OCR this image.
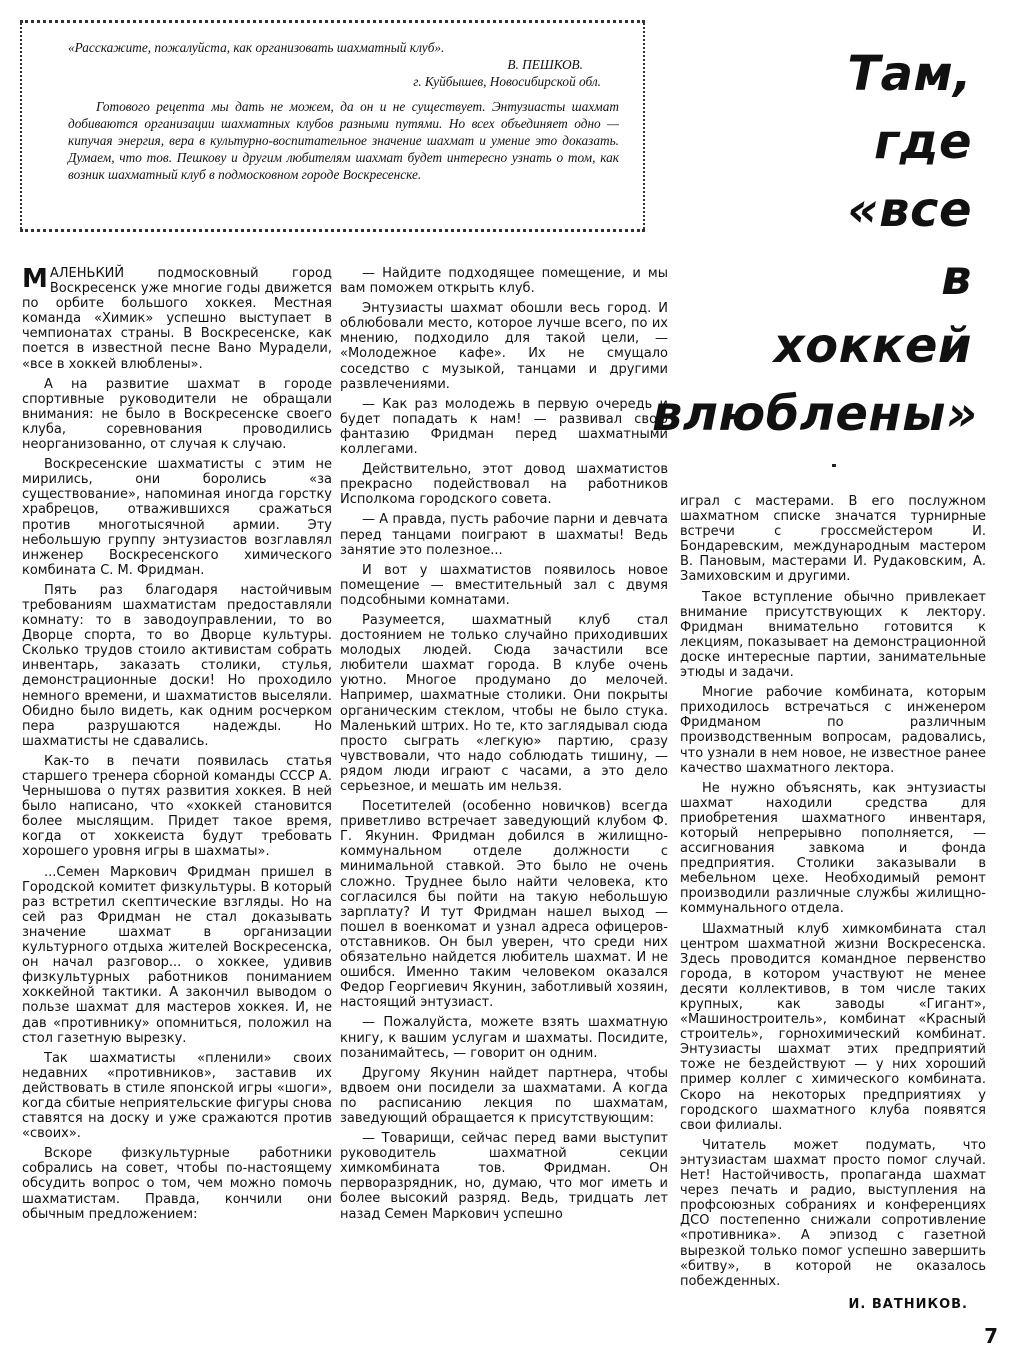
«Расскажите, пожалуйста, как организовать шахматный клуб».

В. ПЕШКОВ.

г. Куйбышев, Новосибирской обл.

Готового рецепта мы дать не можем, да он и не существует. Энтузиасты шахмат добиваются организации шахматных клубов разными путями. Но всех объединяет одно — кипучая энергия, вера в культурно-воспитательное значение шахмат и умение это доказать. Думаем, что тов. Пешкову и другим любителям шахмат будет интересно узнать о том, как возник шахматный клуб в подмосковном городе Воскресенске.

Там,
где
«все
в
хоккей
влюблены»

МАЛЕНЬКИЙ подмосковный город Воскресенск уже многие годы движется по орбите большого хоккея. Местная команда «Химик» успешно выступает в чемпионатах страны. В Воскресенске, как поется в известной песне Вано Мурадели, «все в хоккей влюблены».

А на развитие шахмат в городе спортивные руководители не обращали внимания: не было в Воскресенске своего клуба, соревнования проводились неорганизованно, от случая к случаю.

Воскресенские шахматисты с этим не мирились, они боролись «за существование», напоминая иногда горстку храбрецов, отважившихся сражаться против многотысячной армии. Эту небольшую группу энтузиастов возглавлял инженер Воскресенского химического комбината С. М. Фридман.

Пять раз благодаря настойчивым требованиям шахматистам предоставляли комнату: то в заводоуправлении, то во Дворце спорта, то во Дворце культуры. Сколько трудов стоило активистам собрать инвентарь, заказать столики, стулья, демонстрационные доски! Но проходило немного времени, и шахматистов выселяли. Обидно было видеть, как одним росчерком пера разрушаются надежды. Но шахматисты не сдавались.

Как-то в печати появилась статья старшего тренера сборной команды СССР А. Чернышова о путях развития хоккея. В ней было написано, что «хоккей становится более мыслящим. Придет такое время, когда от хоккеиста будут требовать хорошего уровня игры в шахматы».

...Семен Маркович Фридман пришел в Городской комитет физкультуры. В который раз встретил скептические взгляды. Но на сей раз Фридман не стал доказывать значение шахмат в организации культурного отдыха жителей Воскресенска, он начал разговор... о хоккее, удивив физкультурных работников пониманием хоккейной тактики. А закончил выводом о пользе шахмат для мастеров хоккея. И, не дав «противнику» опомниться, положил на стол газетную вырезку.

Так шахматисты «пленили» своих недавних «противников», заставив их действовать в стиле японской игры «шоги», когда сбитые неприятельские фигуры снова ставятся на доску и уже сражаются против «своих».

Вскоре физкультурные работники собрались на совет, чтобы по-настоящему обсудить вопрос о том, чем можно помочь шахматистам. Правда, кончили они обычным предложением:

— Найдите подходящее помещение, и мы вам поможем открыть клуб.

Энтузиасты шахмат обошли весь город. И облюбовали место, которое лучше всего, по их мнению, подходило для такой цели, — «Молодежное кафе». Их не смущало соседство с музыкой, танцами и другими развлечениями.

— Как раз молодежь в первую очередь и будет попадать к нам! — развивал свою фантазию Фридман перед шахматными коллегами.

Действительно, этот довод шахматистов прекрасно подействовал на работников Исполкома городского совета.

— А правда, пусть рабочие парни и девчата перед танцами поиграют в шахматы! Ведь занятие это полезное...

И вот у шахматистов появилось новое помещение — вместительный зал с двумя подсобными комнатами.

Разумеется, шахматный клуб стал достоянием не только случайно приходивших молодых людей. Сюда зачастили все любители шахмат города. В клубе очень уютно. Многое продумано до мелочей. Например, шахматные столики. Они покрыты органическим стеклом, чтобы не было стука. Маленький штрих. Но те, кто заглядывал сюда просто сыграть «легкую» партию, сразу чувствовали, что надо соблюдать тишину, — рядом люди играют с часами, а это дело серьезное, и мешать им нельзя.

Посетителей (особенно новичков) всегда приветливо встречает заведующий клубом Ф. Г. Якунин. Фридман добился в жилищно-коммунальном отделе должности с минимальной ставкой. Это было не очень сложно. Труднее было найти человека, кто согласился бы пойти на такую небольшую зарплату? И тут Фридман нашел выход — пошел в военкомат и узнал адреса офицеров-отставников. Он был уверен, что среди них обязательно найдется любитель шахмат. И не ошибся. Именно таким человеком оказался Федор Георгиевич Якунин, заботливый хозяин, настоящий энтузиаст.

— Пожалуйста, можете взять шахматную книгу, к вашим услугам и шахматы. Посидите, позанимайтесь, — говорит он одним.

Другому Якунин найдет партнера, чтобы вдвоем они посидели за шахматами. А когда по расписанию лекция по шахматам, заведующий обращается к присутствующим:

— Товарищи, сейчас перед вами выступит руководитель шахматной секции химкомбината тов. Фридман. Он перворазрядник, но, думаю, что мог иметь и более высокий разряд. Ведь, тридцать лет назад Семен Маркович успешно

играл с мастерами. В его послужном шахматном списке значатся турнирные встречи с гроссмейстером И. Бондаревским, международным мастером В. Пановым, мастерами И. Рудаковским, А. Замиховским и другими.

Такое вступление обычно привлекает внимание присутствующих к лектору. Фридман внимательно готовится к лекциям, показывает на демонстрационной доске интересные партии, занимательные этюды и задачи.

Многие рабочие комбината, которым приходилось встречаться с инженером Фридманом по различным производственным вопросам, радовались, что узнали в нем новое, не известное ранее качество шахматного лектора.

Не нужно объяснять, как энтузиасты шахмат находили средства для приобретения шахматного инвентаря, который непрерывно пополняется, — ассигнования завкома и фонда предприятия. Столики заказывали в мебельном цехе. Необходимый ремонт производили различные службы жилищно-коммунального отдела.

Шахматный клуб химкомбината стал центром шахматной жизни Воскресенска. Здесь проводится командное первенство города, в котором участвуют не менее десяти коллективов, в том числе таких крупных, как заводы «Гигант», «Машиностроитель», комбинат «Красный строитель», горнохимический комбинат. Энтузиасты шахмат этих предприятий тоже не бездействуют — у них хороший пример коллег с химического комбината. Скоро на некоторых предприятиях у городского шахматного клуба появятся свои филиалы.

Читатель может подумать, что энтузиастам шахмат просто помог случай. Нет! Настойчивость, пропаганда шахмат через печать и радио, выступления на профсоюзных собраниях и конференциях ДСО постепенно снижали сопротивление «противника». А эпизод с газетной вырезкой только помог успешно завершить «битву», в которой не оказалось побежденных.

И. ВАТНИКОВ.

7
